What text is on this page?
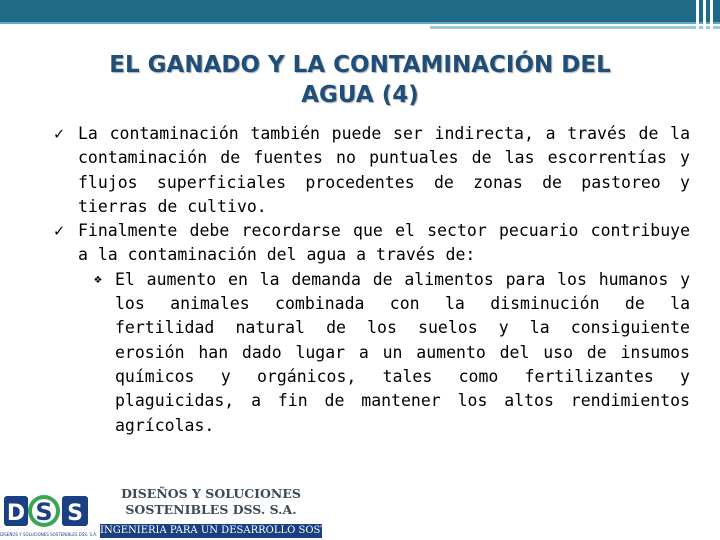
EL GANADO Y LA CONTAMINACIÓN DEL
AGUA (4)
✓ La contaminación también puede ser indirecta, a través de la contaminación de fuentes no puntuales de las escorrentías y flujos superficiales procedentes de zonas de pastoreo y tierras de cultivo.
✓ Finalmente debe recordarse que el sector pecuario contribuye a la contaminación del agua a través de:
❖ El aumento en la demanda de alimentos para los humanos y los animales combinada con la disminución de la fertilidad natural de los suelos y la consiguiente erosión han dado lugar a un aumento del uso de insumos químicos y orgánicos, tales como fertilizantes y plaguicidas, a fin de mantener los altos rendimientos agrícolas.
D S S
DISEÑOS Y SOLUCIONES SOSTENIBLES DSS. S.A.
DISEÑOS Y SOLUCIONES
SOSTENIBLES DSS. S.A.
INGENIERIA PARA UN DESARROLLO SOSTENIBLE
